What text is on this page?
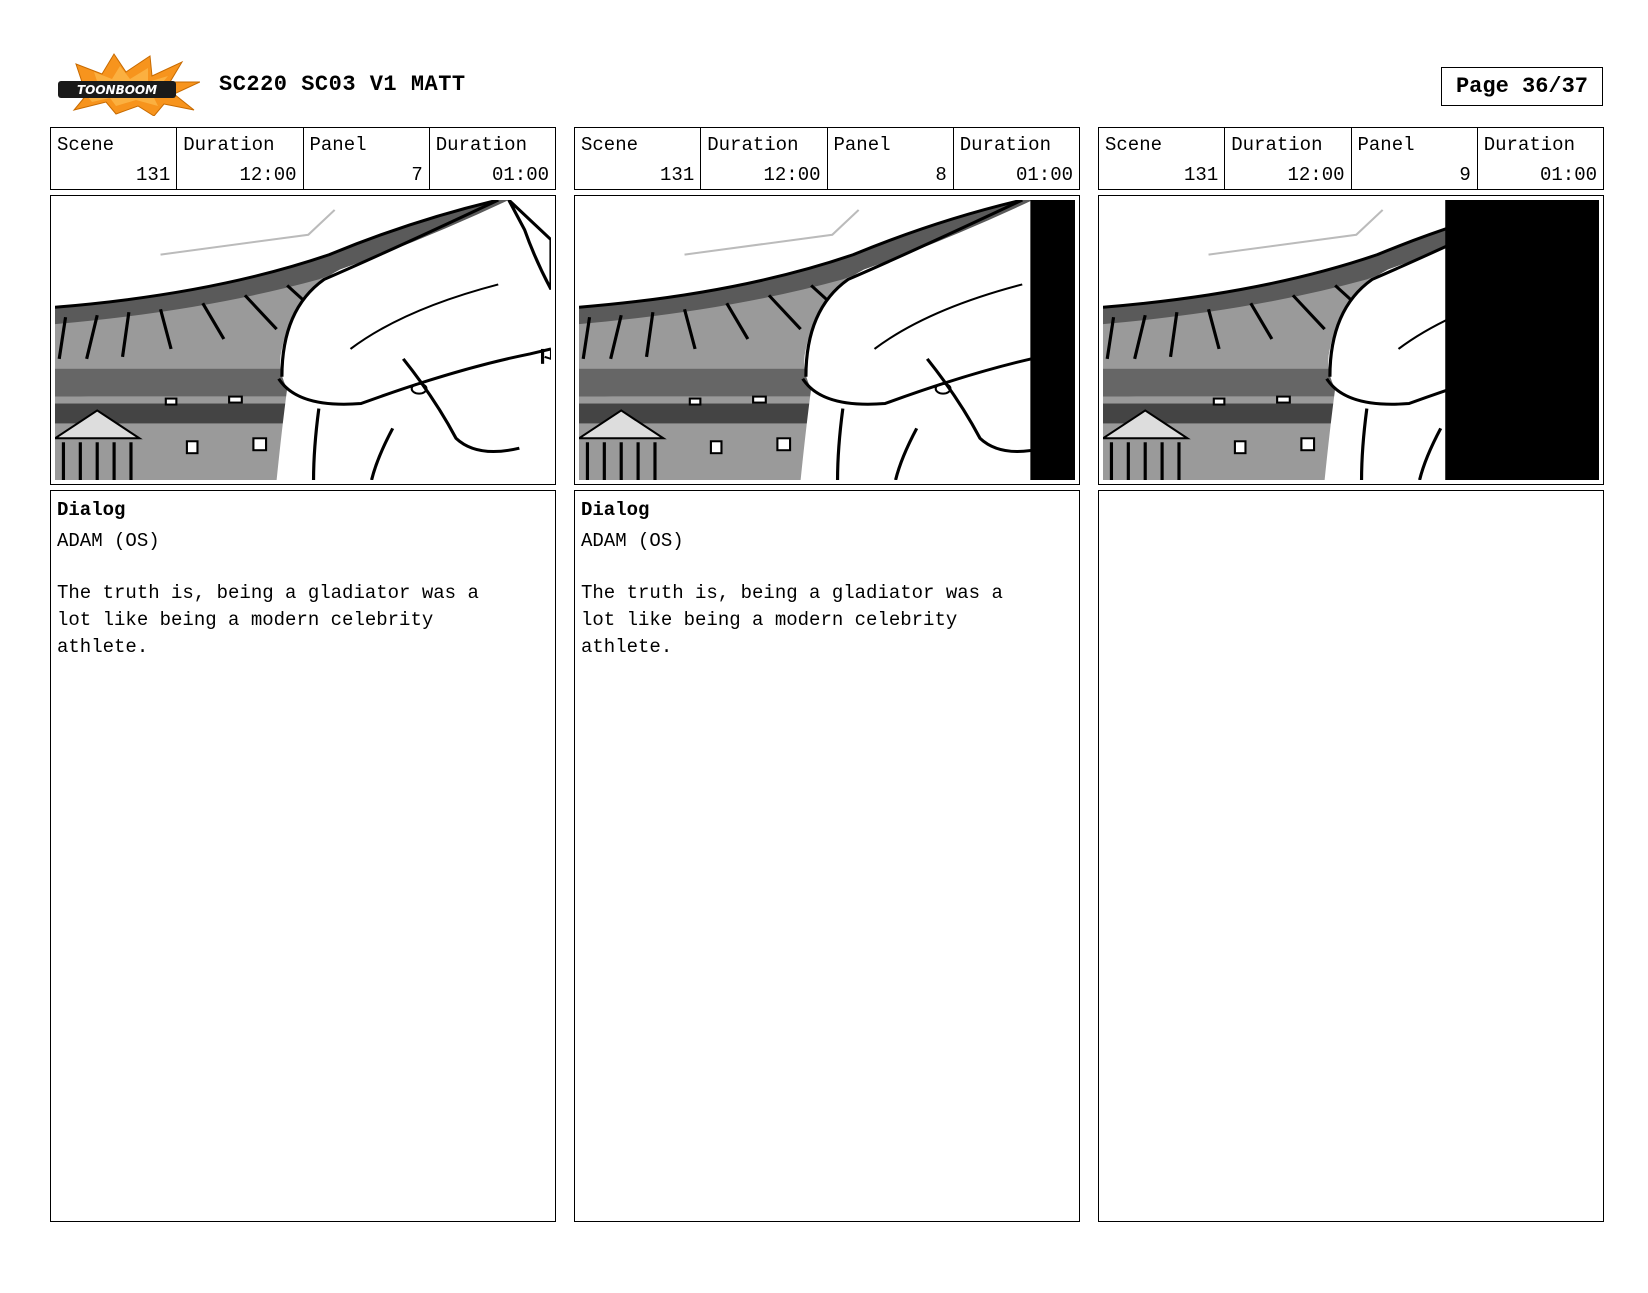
TOONBOOM	SC220 SC03 V1 MATT	Page 36/37
Scene
131
Duration
12:00
Panel
7
Duration
01:00
Dialog
ADAM (OS)
The truth is, being a gladiator was a
lot like being a modern celebrity
athlete.
Scene
131
Duration
12:00
Panel
8
Duration
01:00
Dialog
ADAM (OS)
The truth is, being a gladiator was a
lot like being a modern celebrity
athlete.
Scene
131
Duration
12:00
Panel
9
Duration
01:00
